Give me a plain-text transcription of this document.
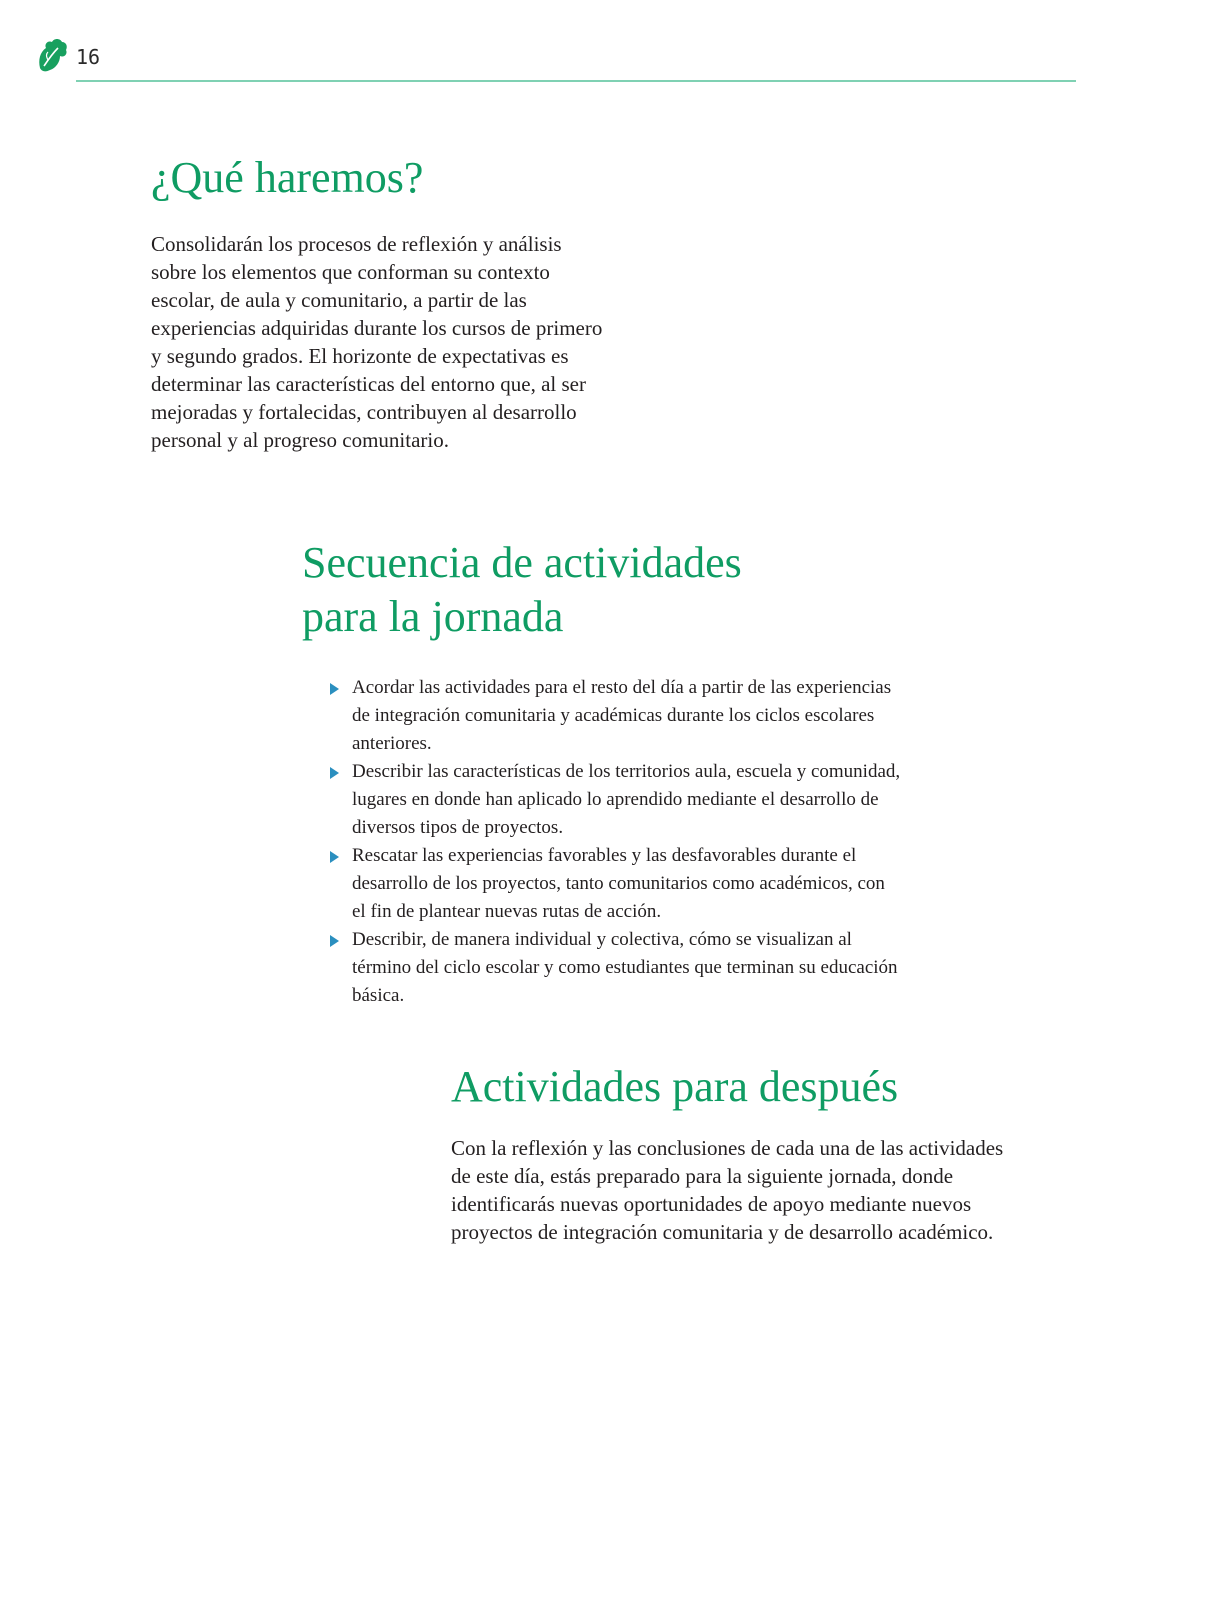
16
¿Qué haremos?

Consolidarán los procesos de reflexión y análisis sobre los elementos que conforman su contexto escolar, de aula y comunitario, a partir de las experiencias adquiridas durante los cursos de primero y segundo grados. El horizonte de expectativas es determinar las características del entorno que, al ser mejoradas y fortalecidas, contribuyen al desarrollo personal y al progreso comunitario.

Secuencia de actividades
para la jornada
Acordar las actividades para el resto del día a partir de las experiencias de integración comunitaria y académicas durante los ciclos escolares anteriores.
Describir las características de los territorios aula, escuela y comunidad, lugares en donde han aplicado lo aprendido mediante el desarrollo de diversos tipos de proyectos.
Rescatar las experiencias favorables y las desfavorables durante el desarrollo de los proyectos, tanto comunitarios como académicos, con el fin de plantear nuevas rutas de acción.
Describir, de manera individual y colectiva, cómo se visualizan al término del ciclo escolar y como estudiantes que terminan su educación básica.
Actividades para después

Con la reflexión y las conclusiones de cada una de las actividades de este día, estás preparado para la siguiente jornada, donde identificarás nuevas oportunidades de apoyo mediante nuevos proyectos de integración comunitaria y de desarrollo académico.
